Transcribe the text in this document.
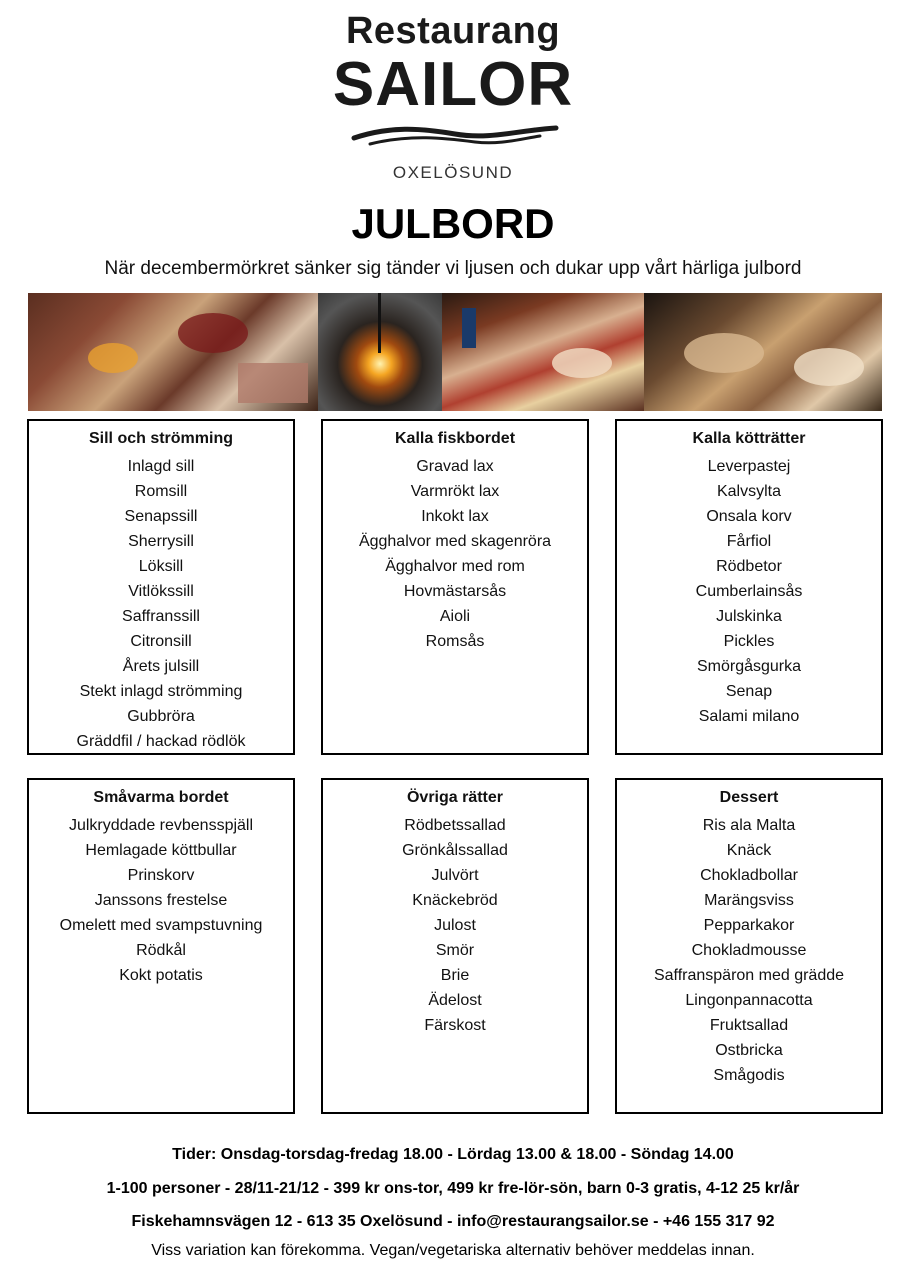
Restaurang
SAILOR
OXELÖSUND
JULBORD
När decembermörkret sänker sig tänder vi ljusen och dukar upp vårt härliga julbord
Sill och strömming
Inlagd sill
Romsill
Senapssill
Sherrysill
Löksill
Vitlökssill
Saffranssill
Citronsill
Årets julsill
Stekt inlagd strömming
Gubbröra
Gräddfil / hackad rödlök
Kalla fiskbordet
Gravad lax
Varmrökt lax
Inkokt lax
Ägghalvor med skagenröra
Ägghalvor med rom
Hovmästarsås
Aioli
Romsås
Kalla kötträtter
Leverpastej
Kalvsylta
Onsala korv
Fårfiol
Rödbetor
Cumberlainsås
Julskinka
Pickles
Smörgåsgurka
Senap
Salami milano
Småvarma bordet
Julkryddade revbensspjäll
Hemlagade köttbullar
Prinskorv
Janssons frestelse
Omelett med svampstuvning
Rödkål
Kokt potatis
Övriga rätter
Rödbetssallad
Grönkålssallad
Julvört
Knäckebröd
Julost
Smör
Brie
Ädelost
Färskost
Dessert
Ris ala Malta
Knäck
Chokladbollar
Marängsviss
Pepparkakor
Chokladmousse
Saffranspäron med grädde
Lingonpannacotta
Fruktsallad
Ostbricka
Smågodis
Tider: Onsdag-torsdag-fredag 18.00 - Lördag 13.00 & 18.00 - Söndag 14.00
1-100 personer - 28/11-21/12 - 399 kr ons-tor, 499 kr fre-lör-sön, barn 0-3 gratis, 4-12 25 kr/år
Fiskehamnsvägen 12 - 613 35 Oxelösund - info@restaurangsailor.se - +46 155 317 92
Viss variation kan förekomma. Vegan/vegetariska alternativ behöver meddelas innan.
